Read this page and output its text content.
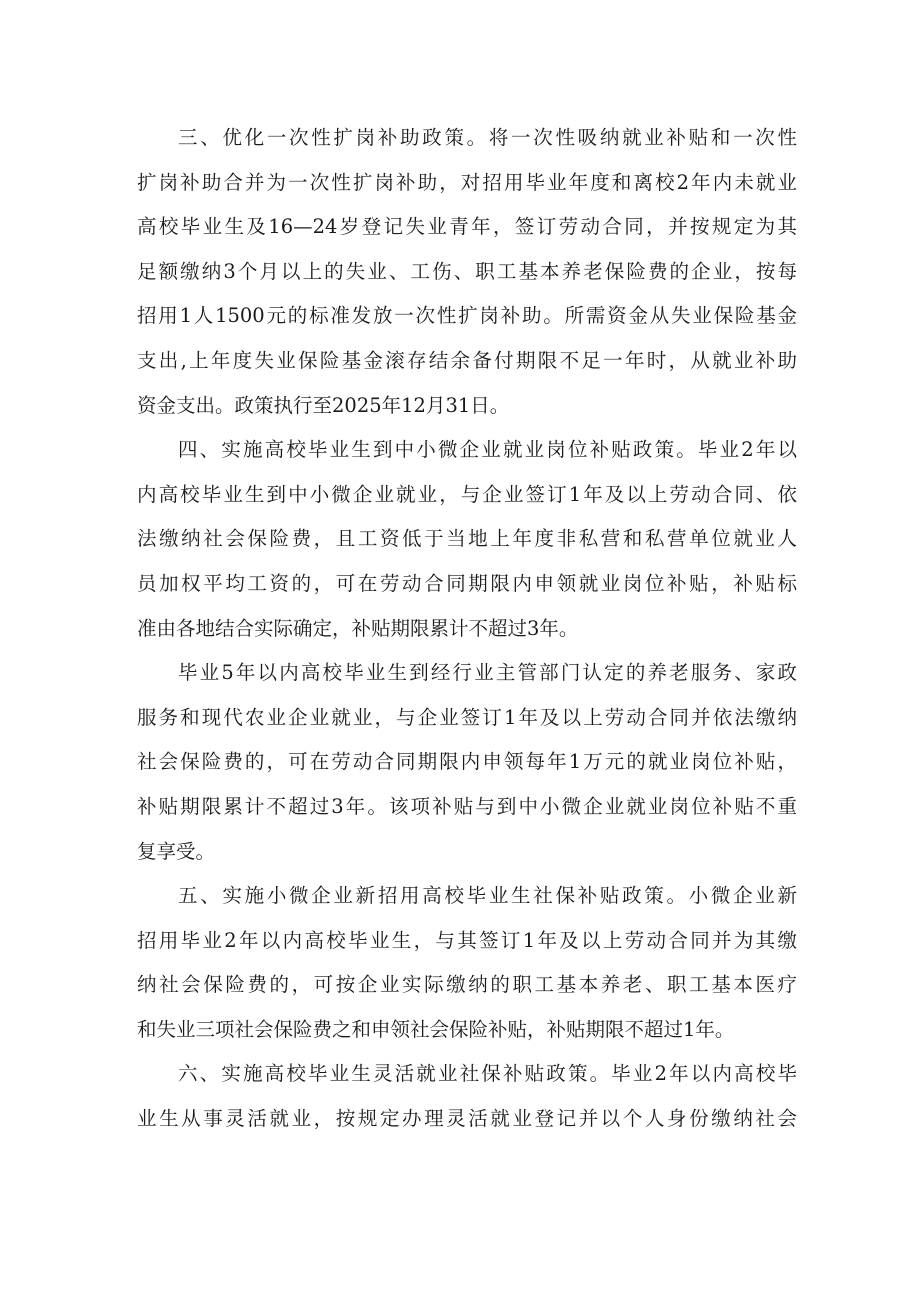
三、优化一次性扩岗补助政策。将一次性吸纳就业补贴和一次性
扩岗补助合并为一次性扩岗补助，对招用毕业年度和离校2年内未就业
高校毕业生及16—24岁登记失业青年，签订劳动合同，并按规定为其
足额缴纳3个月以上的失业、工伤、职工基本养老保险费的企业，按每
招用1人1500元的标准发放一次性扩岗补助。所需资金从失业保险基金
支出,上年度失业保险基金滚存结余备付期限不足一年时，从就业补助
资金支出。政策执行至2025年12月31日。
四、实施高校毕业生到中小微企业就业岗位补贴政策。毕业2年以
内高校毕业生到中小微企业就业，与企业签订1年及以上劳动合同、依
法缴纳社会保险费，且工资低于当地上年度非私营和私营单位就业人
员加权平均工资的，可在劳动合同期限内申领就业岗位补贴，补贴标
准由各地结合实际确定，补贴期限累计不超过3年。
毕业5年以内高校毕业生到经行业主管部门认定的养老服务、家政
服务和现代农业企业就业，与企业签订1年及以上劳动合同并依法缴纳
社会保险费的，可在劳动合同期限内申领每年1万元的就业岗位补贴，
补贴期限累计不超过3年。该项补贴与到中小微企业就业岗位补贴不重
复享受。
五、实施小微企业新招用高校毕业生社保补贴政策。小微企业新
招用毕业2年以内高校毕业生，与其签订1年及以上劳动合同并为其缴
纳社会保险费的，可按企业实际缴纳的职工基本养老、职工基本医疗
和失业三项社会保险费之和申领社会保险补贴，补贴期限不超过1年。
六、实施高校毕业生灵活就业社保补贴政策。毕业2年以内高校毕
业生从事灵活就业，按规定办理灵活就业登记并以个人身份缴纳社会
